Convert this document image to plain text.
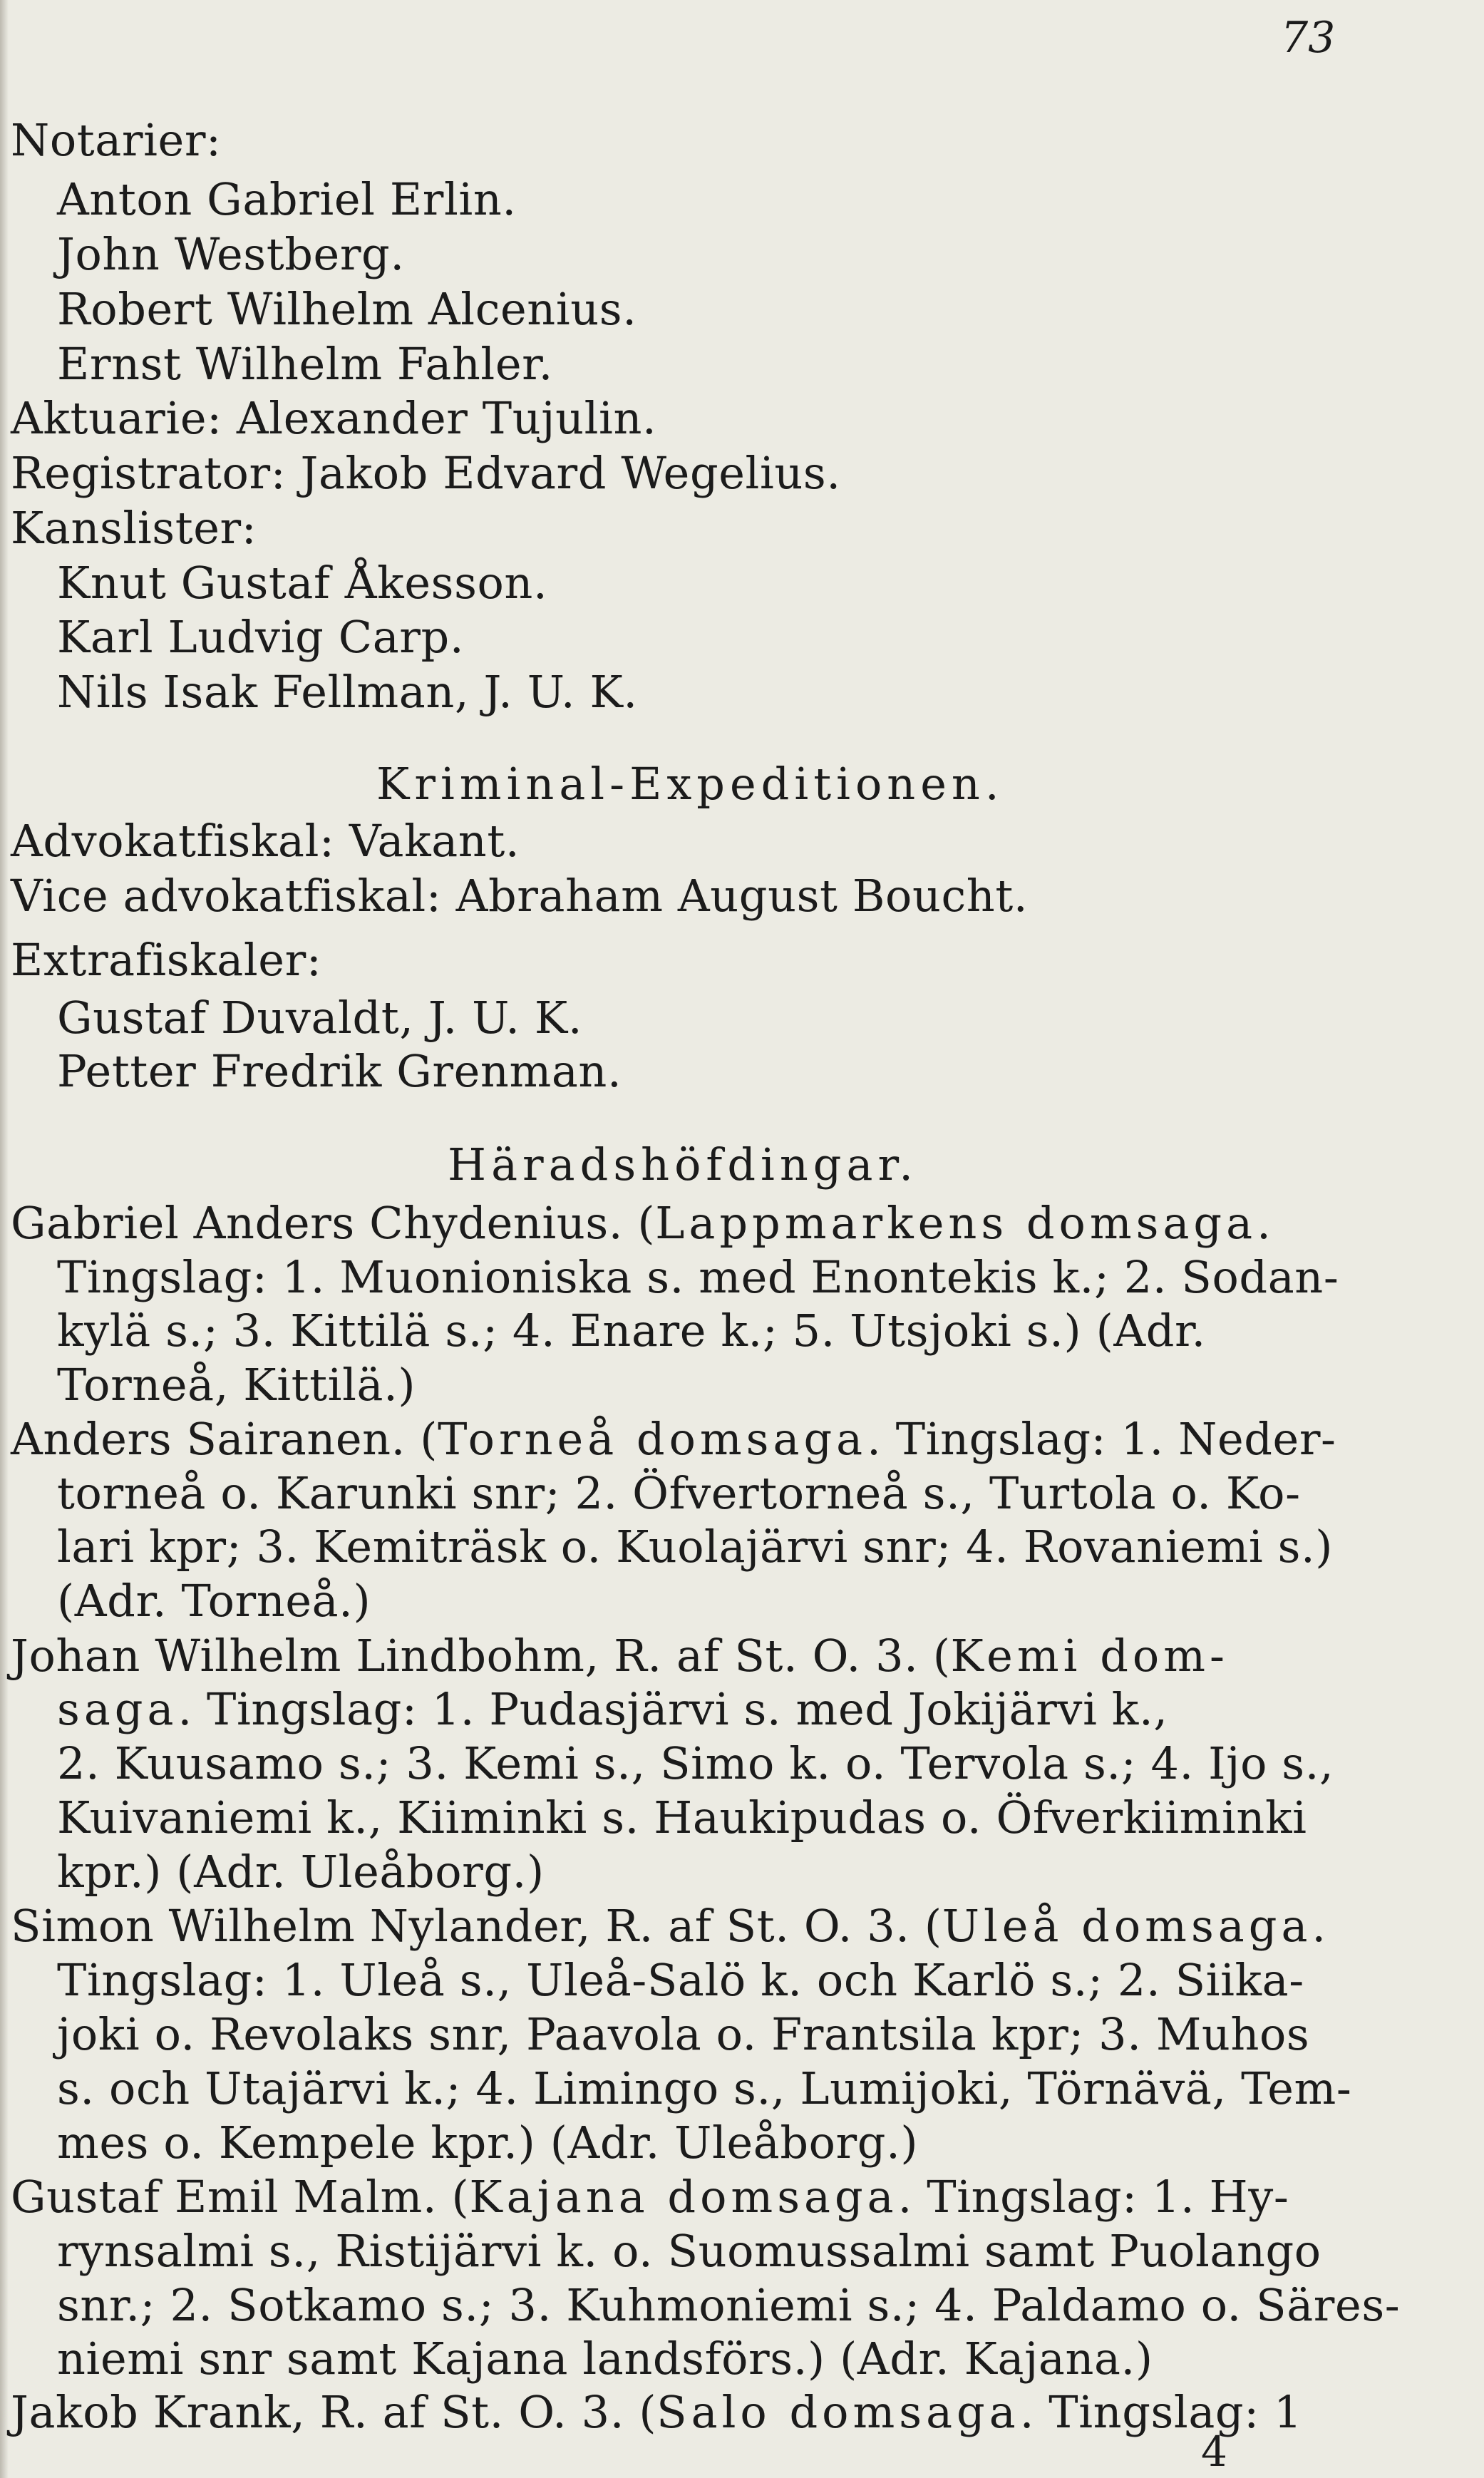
73
Notarier:
Anton Gabriel Erlin.
John Westberg.
Robert Wilhelm Alcenius.
Ernst Wilhelm Fahler.
Aktuarie: Alexander Tujulin.
Registrator: Jakob Edvard Wegelius.
Kanslister:
Knut Gustaf Åkesson.
Karl Ludvig Carp.
Nils Isak Fellman, J. U. K.
Kriminal-Expeditionen.
Advokatfiskal: Vakant.
Vice advokatfiskal: Abraham August Boucht.
Extrafiskaler:
Gustaf Duvaldt, J. U. K.
Petter Fredrik Grenman.
Häradshöfdingar.
Gabriel Anders Chydenius. (Lappmarkens domsaga.
Tingslag: 1. Muonioniska s. med Enontekis k.; 2. Sodan-
kylä s.; 3. Kittilä s.; 4. Enare k.; 5. Utsjoki s.) (Adr.
Torneå, Kittilä.)
Anders Sairanen. (Torneå domsaga. Tingslag: 1. Neder-
torneå o. Karunki snr; 2. Öfvertorneå s., Turtola o. Ko-
lari kpr; 3. Kemiträsk o. Kuolajärvi snr; 4. Rovaniemi s.)
(Adr. Torneå.)
Johan Wilhelm Lindbohm, R. af St. O. 3. (Kemi dom-
saga. Tingslag: 1. Pudasjärvi s. med Jokijärvi k.,
2. Kuusamo s.; 3. Kemi s., Simo k. o. Tervola s.; 4. Ijo s.,
Kuivaniemi k., Kiiminki s. Haukipudas o. Öfverkiiminki
kpr.) (Adr. Uleåborg.)
Simon Wilhelm Nylander, R. af St. O. 3. (Uleå domsaga.
Tingslag: 1. Uleå s., Uleå-Salö k. och Karlö s.; 2. Siika-
joki o. Revolaks snr, Paavola o. Frantsila kpr; 3. Muhos
s. och Utajärvi k.; 4. Limingo s., Lumijoki, Törnävä, Tem-
mes o. Kempele kpr.) (Adr. Uleåborg.)
Gustaf Emil Malm. (Kajana domsaga. Tingslag: 1. Hy-
rynsalmi s., Ristijärvi k. o. Suomussalmi samt Puolango
snr.; 2. Sotkamo s.; 3. Kuhmoniemi s.; 4. Paldamo o. Säres-
niemi snr samt Kajana landsförs.) (Adr. Kajana.)
Jakob Krank, R. af St. O. 3. (Salo domsaga. Tingslag: 1
4
